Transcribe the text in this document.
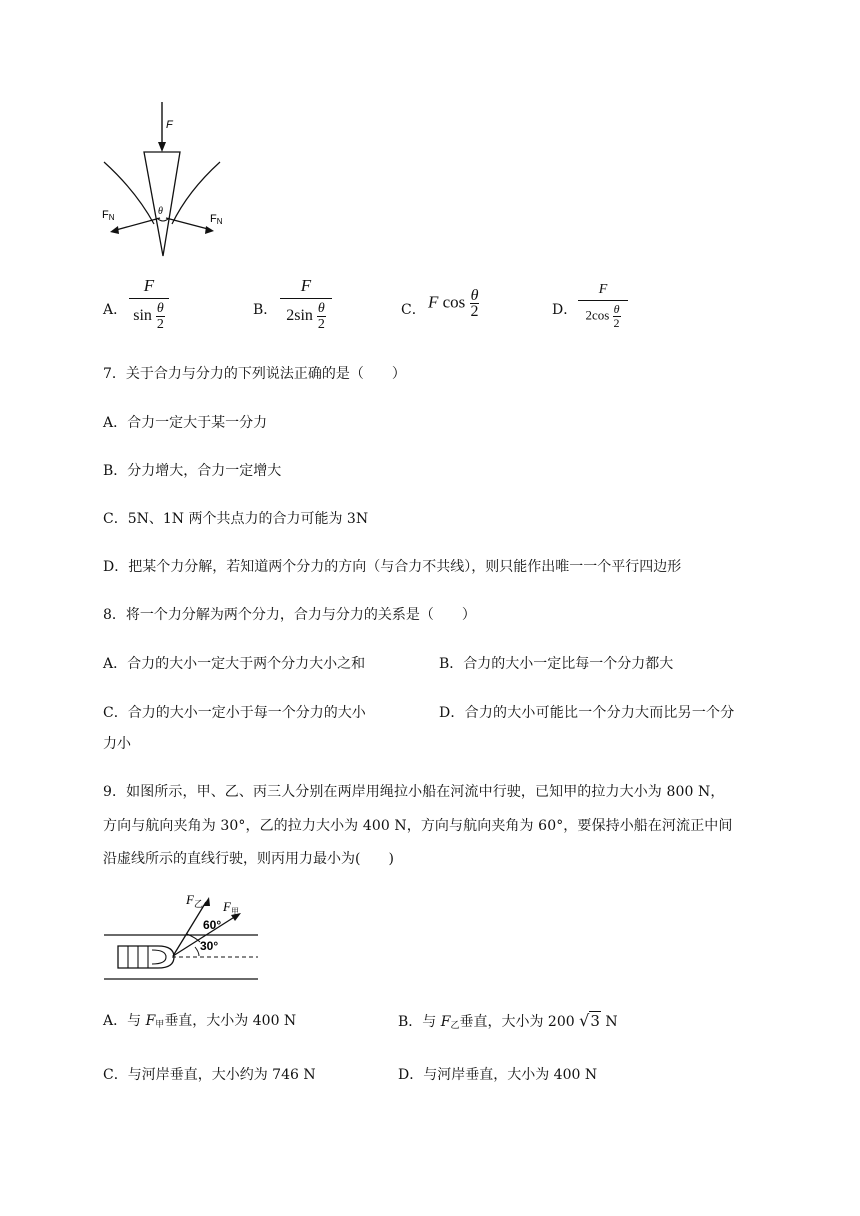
F
FN	FN
θ
A．
F
$\sin \frac{\theta}{2}$	B．
F
$2\sin \frac{\theta}{2}$	C． F $\cos \frac{\theta}{2}$	D．
F
$2\cos \frac{\theta}{2}$
7．关于合力与分力的下列说法正确的是（　　）
A．合力一定大于某一分力
B．分力增大，合力一定增大
C．5N、1N 两个共点力的合力可能为 3N
D．把某个力分解，若知道两个分力的方向（与合力不共线），则只能作出唯一一个平行四边形
8．将一个力分解为两个分力，合力与分力的关系是（　　）
A．合力的大小一定大于两个分力大小之和	B．合力的大小一定比每一个分力都大
C．合力的大小一定小于每一个分力的大小	D．合力的大小可能比一个分力大而比另一个分
力小
9．如图所示，甲、乙、丙三人分别在两岸用绳拉小船在河流中行驶，已知甲的拉力大小为 800 N，
方向与航向夹角为 30°，乙的拉力大小为 400 N，方向与航向夹角为 60°，要保持小船在河流正中间
沿虚线所示的直线行驶，则丙用力最小为(　　)
$F_乙$ $F_甲$
60°
30°
A．与 $F_甲$垂直，大小为 400 N	B．与 $F_乙$垂直，大小为 200 √3 N
C．与河岸垂直，大小约为 746 N	D．与河岸垂直，大小为 400 N
